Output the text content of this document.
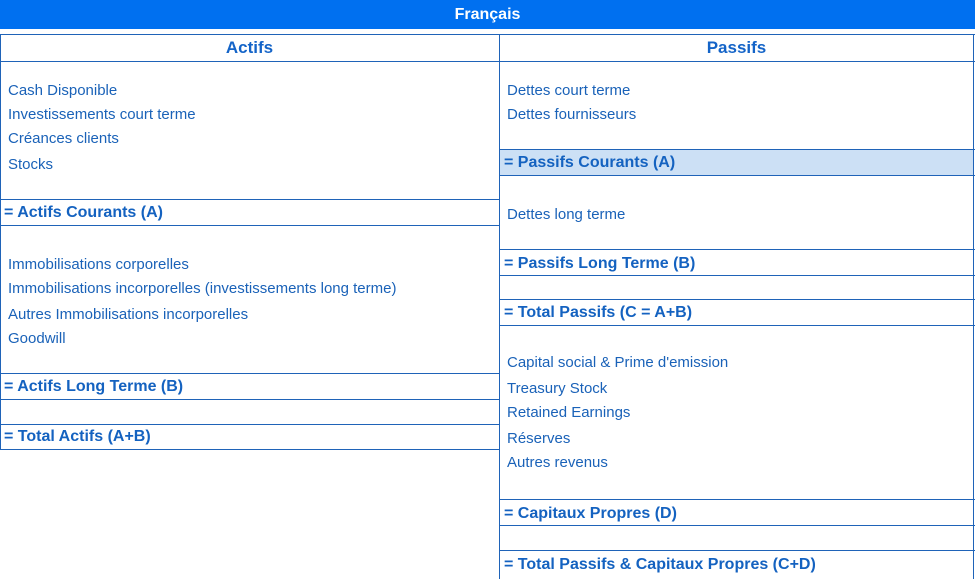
Français
Actifs	Passifs
Cash Disponible
Investissements court terme
Créances clients
Stocks
= Actifs Courants (A)
Immobilisations corporelles
Immobilisations incorporelles (investissements long terme)
Autres Immobilisations incorporelles
Goodwill
= Actifs Long Terme (B)
= Total Actifs (A+B)
Dettes court terme
Dettes fournisseurs
= Passifs Courants (A)
Dettes long terme
= Passifs Long Terme (B)
= Total Passifs (C = A+B)
Capital social & Prime d'emission
Treasury Stock
Retained Earnings
Réserves
Autres revenus
= Capitaux Propres (D)
= Total Passifs & Capitaux Propres (C+D)
